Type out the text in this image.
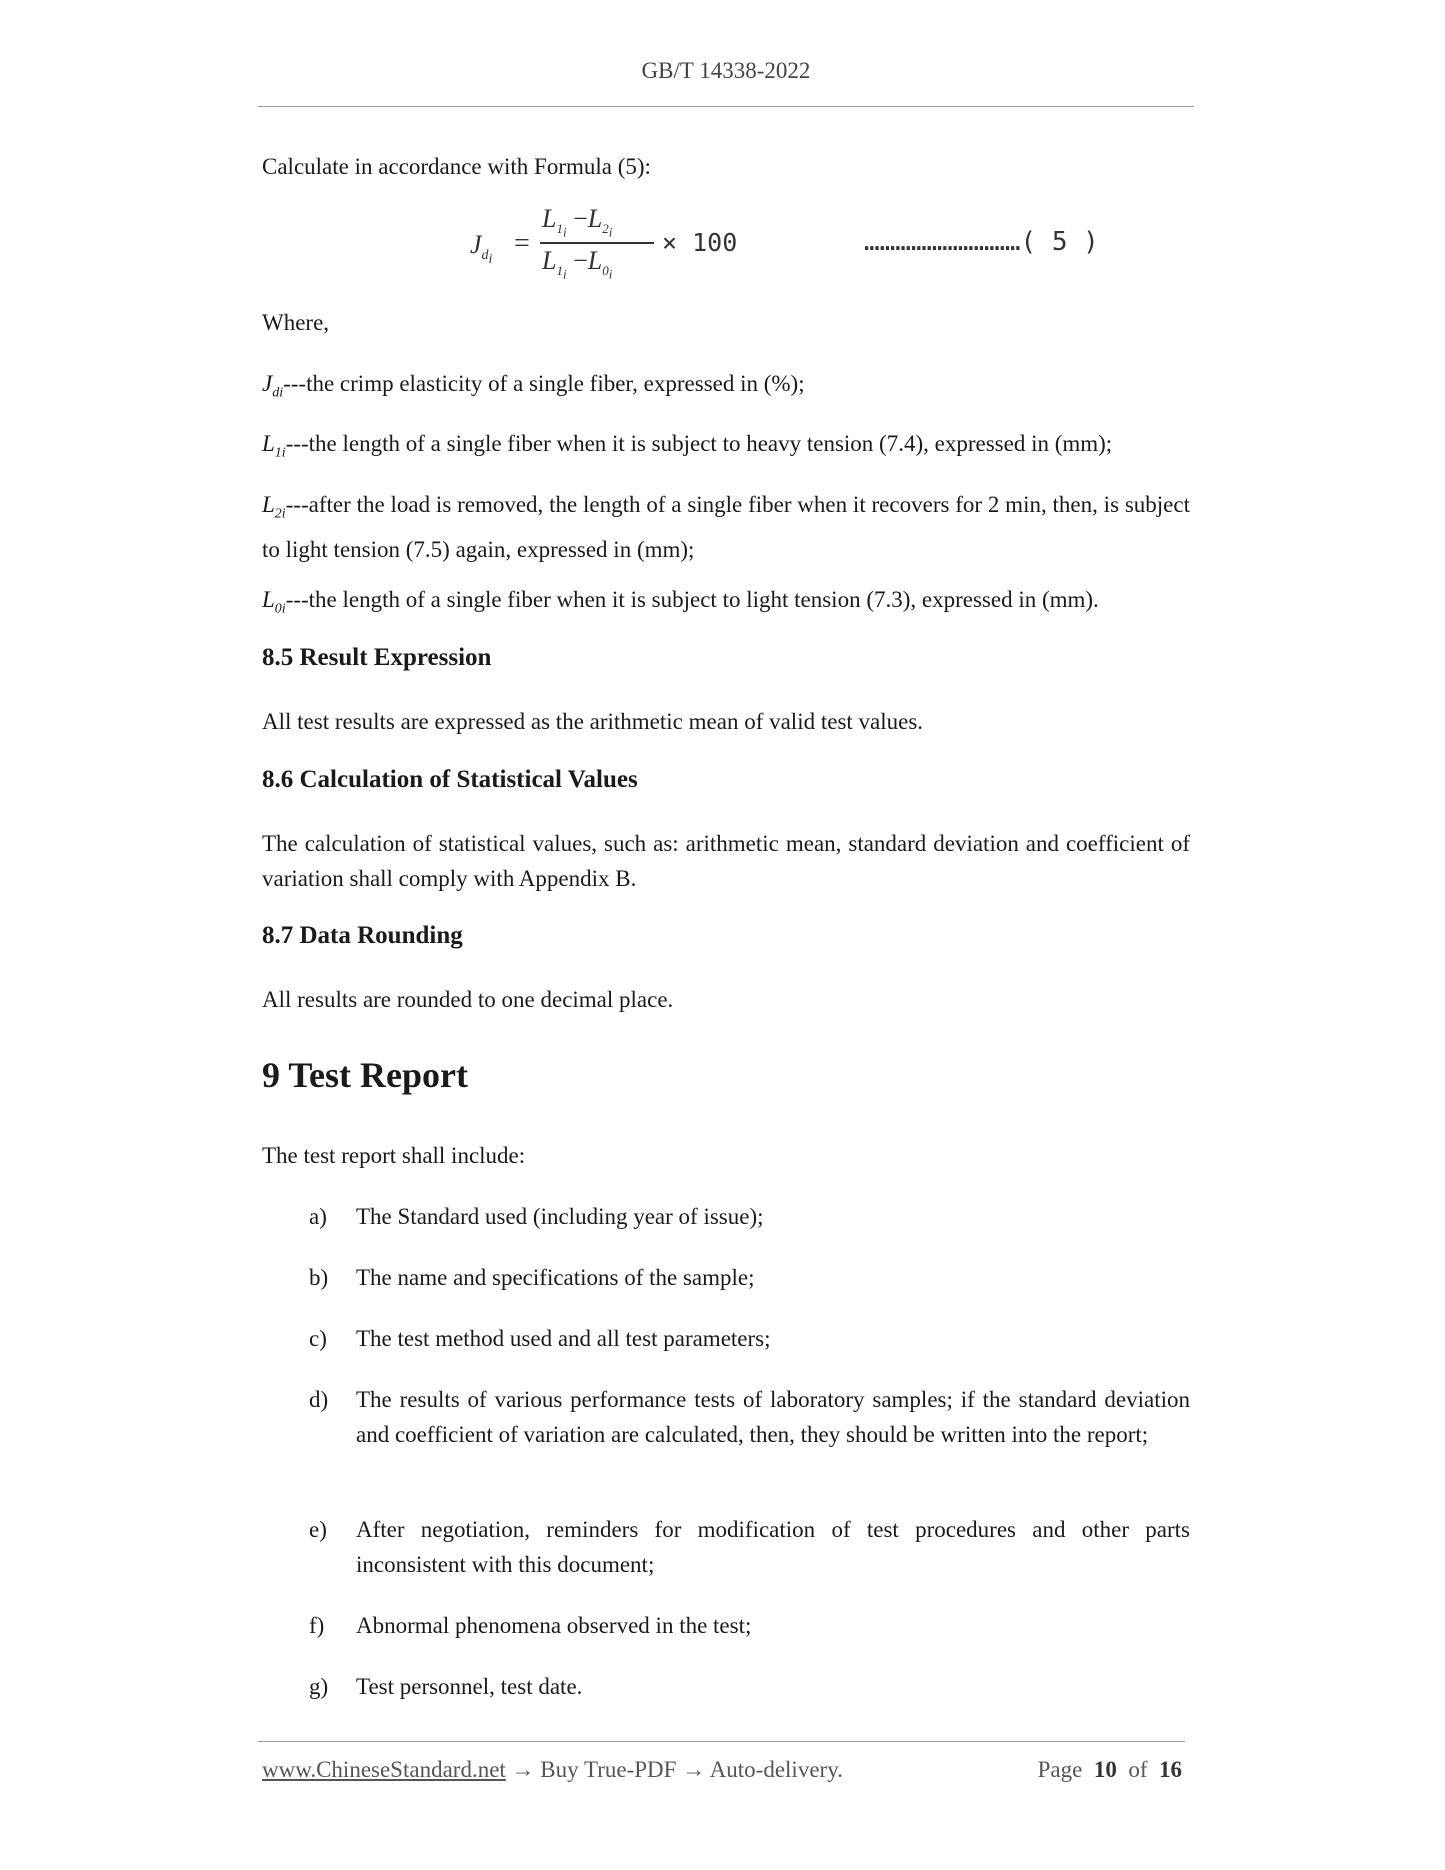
GB/T 14338-2022
Calculate in accordance with Formula (5):
$J_{d_i}$
=
$L_{1_i} -L_{2_i}$
$L_{1_i} -L_{0_i}$
× 100	…………………………( 5 )
Where,
$J_{di}--$-the crimp elasticity of a single fiber, expressed in (%);
$L_{1i}--$-the length of a single fiber when it is subject to heavy tension (7.4), expressed in (mm);
$L_{2i}--$-after the load is removed, the length of a single fiber when it recovers for 2 min, then, is subject to light tension (7.5) again, expressed in (mm);
$L_{0i}--$-the length of a single fiber when it is subject to light tension (7.3), expressed in (mm).
8.5 Result Expression
All test results are expressed as the arithmetic mean of valid test values.
8.6 Calculation of Statistical Values
The calculation of statistical values, such as: arithmetic mean, standard deviation and coefficient of variation shall comply with Appendix B.
8.7 Data Rounding
All results are rounded to one decimal place.
9 Test Report
The test report shall include:
a) The Standard used (including year of issue);
b) The name and specifications of the sample;
c) The test method used and all test parameters;
d) The results of various performance tests of laboratory samples; if the standard deviation and coefficient of variation are calculated, then, they should be written into the report;
e) After negotiation, reminders for modification of test procedures and other parts inconsistent with this document;
f) Abnormal phenomena observed in the test;
g) Test personnel, test date.
www.ChineseStandard.net → Buy True-PDF → Auto-delivery.	Page 10 of 16
